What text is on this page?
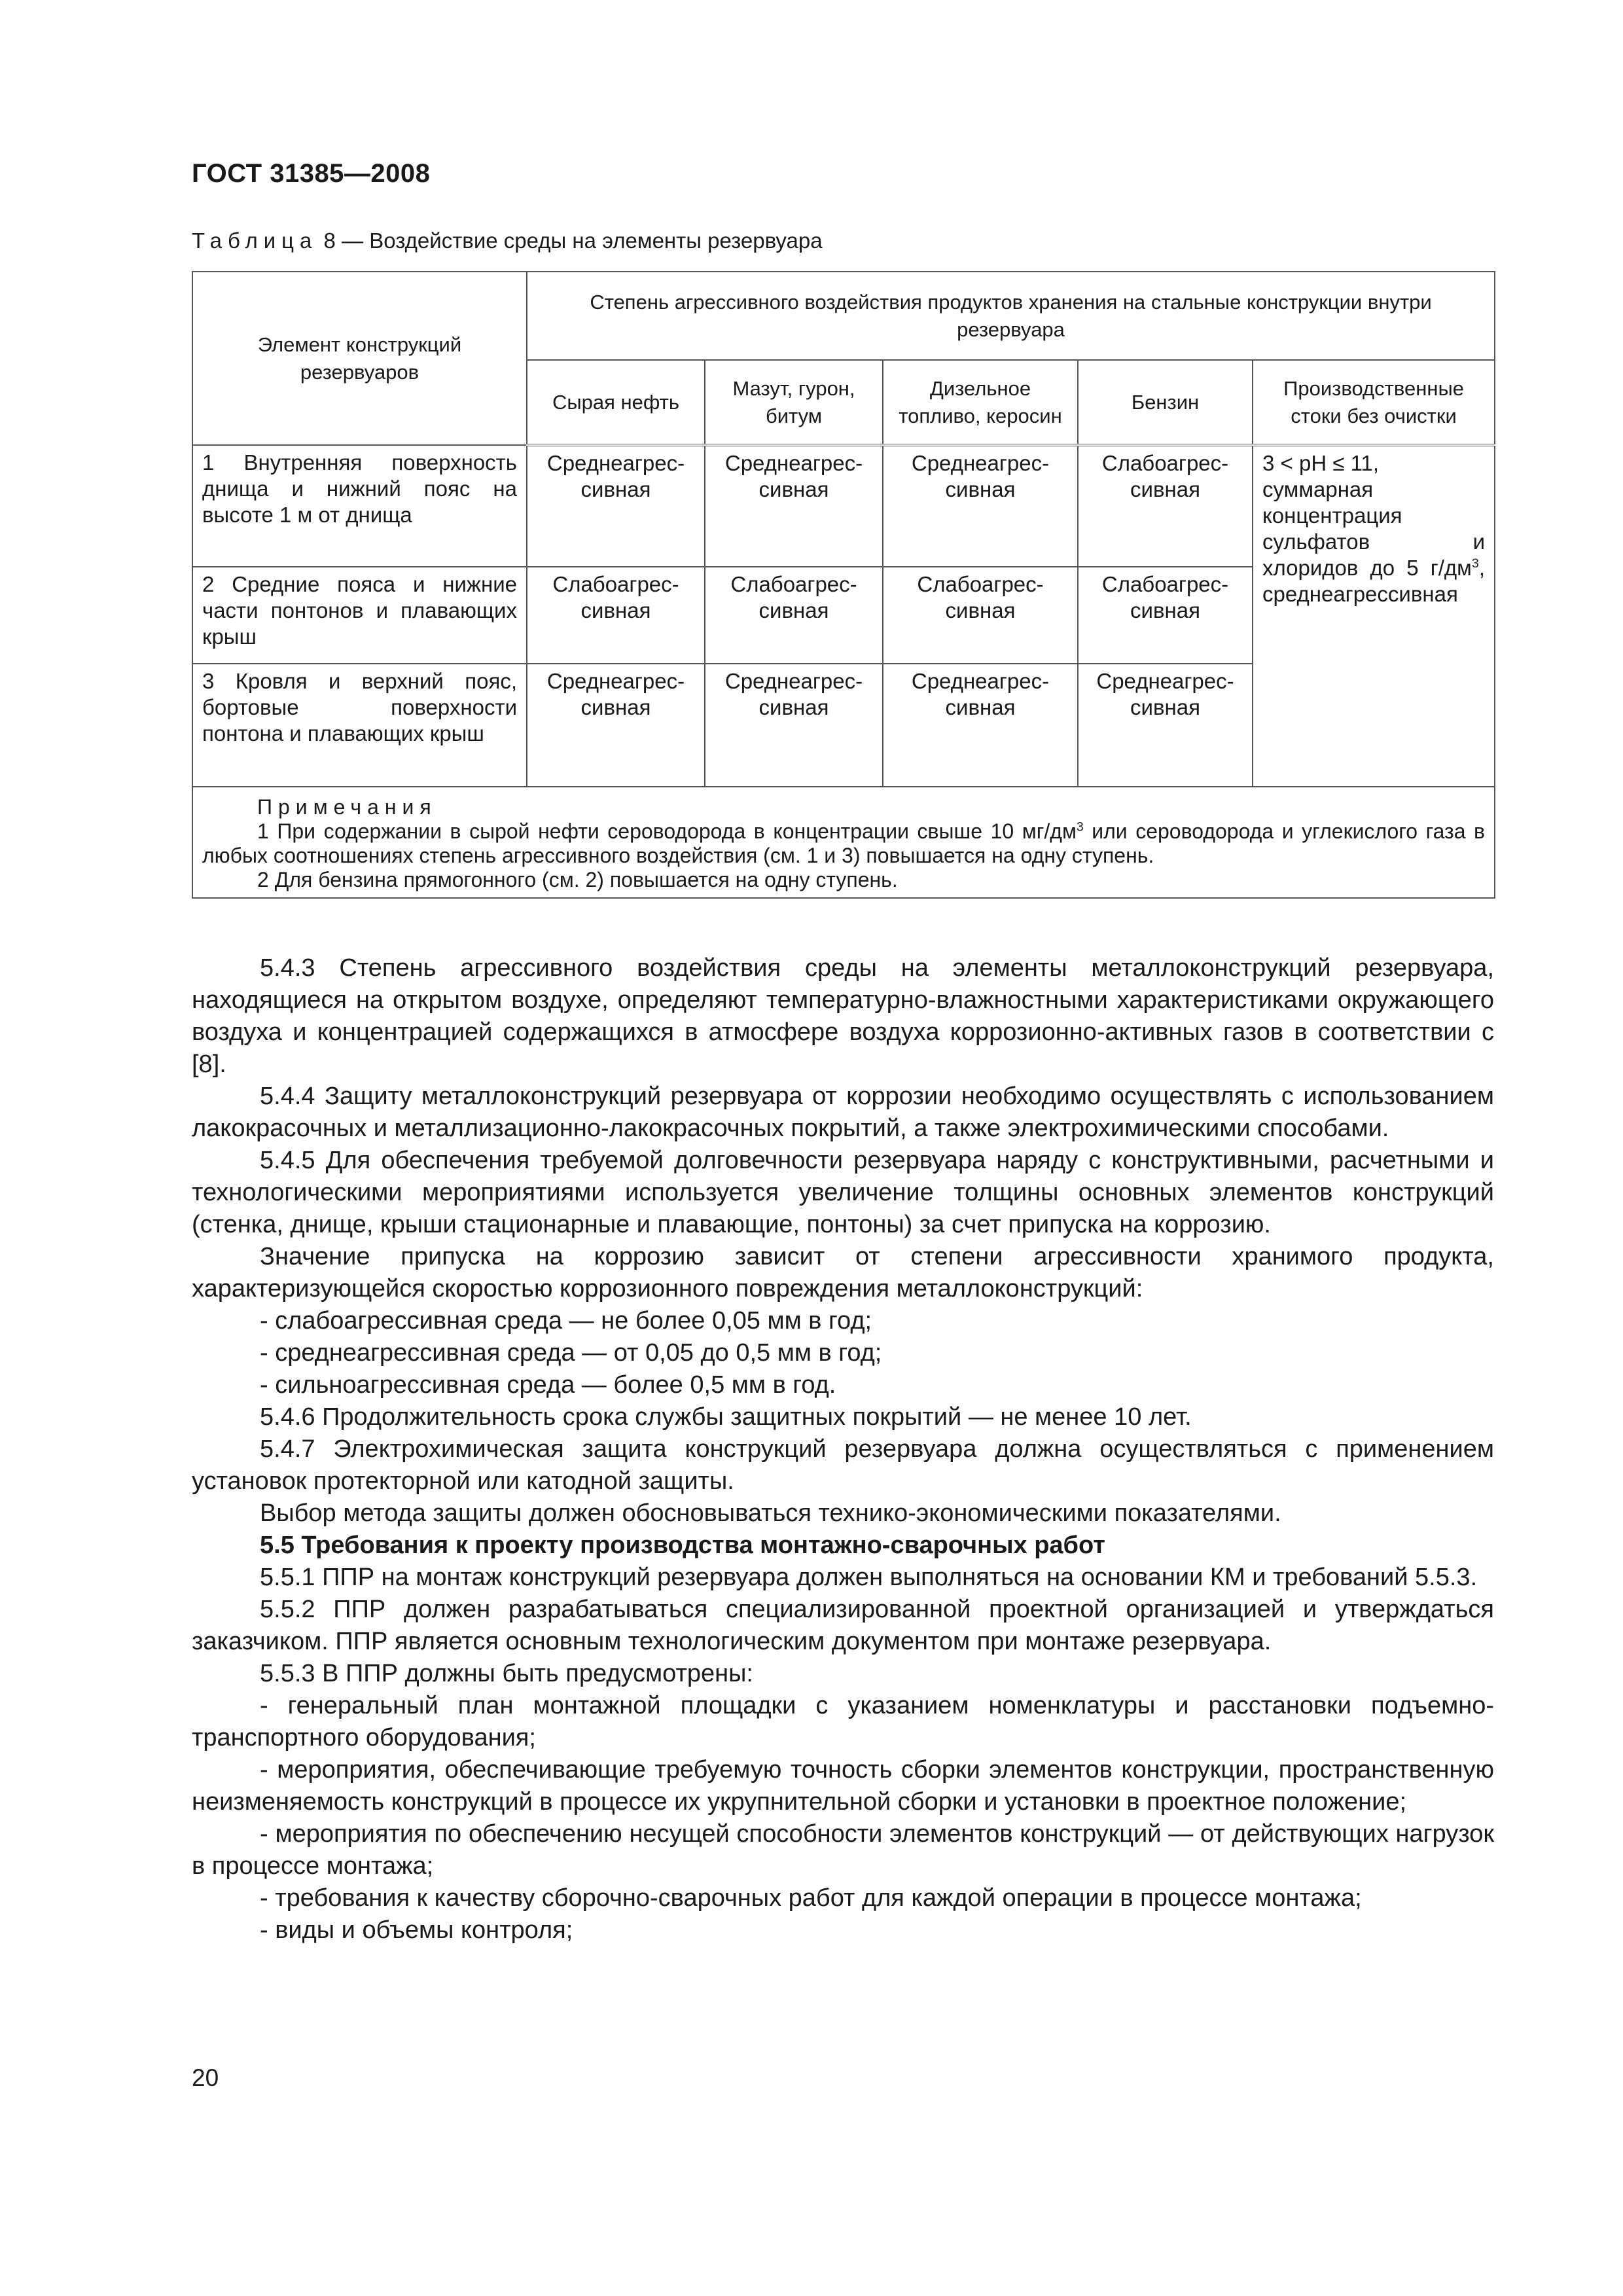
ГОСТ 31385—2008
Таблица 8 — Воздействие среды на элементы резервуара
Элемент конструкций резервуаров	Степень агрессивного воздействия продуктов хранения на стальные конструкции внутри резервуара				
	Сырая нефть	Мазут, гурон, битум	Дизельное топливо, керосин	Бензин	Производственные стоки без очистки
1 Внутренняя поверхность днища и нижний пояс на высоте 1 м от днища	Среднеагрес-сивная	Среднеагрес-сивная	Среднеагрес-сивная	Слабоагрес-сивная	3 < pH ≤ 11,
суммарная концентрация сульфатов и хлоридов до 5 $г/дм^3$, среднеагрессивная
2 Средние пояса и нижние части понтонов и плавающих крыш	Слабоагрес-сивная	Слабоагрес-сивная	Слабоагрес-сивная	Слабоагрес-сивная	
3 Кровля и верхний пояс, бортовые поверхности понтона и плавающих крыш	Среднеагрес-сивная	Среднеагрес-сивная	Среднеагрес-сивная	Среднеагрес-сивная	

Примечания

1 При содержании в сырой нефти сероводорода в концентрации свыше 10 $мг/дм^3$ или сероводорода и углекислого газа в любых соотношениях степень агрессивного воздействия (см. 1 и 3) повышается на одну ступень.

2 Для бензина прямогонного (см. 2) повышается на одну ступень.					

5.4.3 Степень агрессивного воздействия среды на элементы металлоконструкций резервуара, находящиеся на открытом воздухе, определяют температурно-влажностными характеристиками окружающего воздуха и концентрацией содержащихся в атмосфере воздуха коррозионно-активных газов в соответствии с [8].

5.4.4 Защиту металлоконструкций резервуара от коррозии необходимо осуществлять с использованием лакокрасочных и металлизационно-лакокрасочных покрытий, а также электрохимическими способами.

5.4.5 Для обеспечения требуемой долговечности резервуара наряду с конструктивными, расчетными и технологическими мероприятиями используется увеличение толщины основных элементов конструкций (стенка, днище, крыши стационарные и плавающие, понтоны) за счет припуска на коррозию.

Значение припуска на коррозию зависит от степени агрессивности хранимого продукта, характеризующейся скоростью коррозионного повреждения металлоконструкций:

- слабоагрессивная среда — не более 0,05 мм в год;

- среднеагрессивная среда — от 0,05 до 0,5 мм в год;

- сильноагрессивная среда — более 0,5 мм в год.

5.4.6 Продолжительность срока службы защитных покрытий — не менее 10 лет.

5.4.7 Электрохимическая защита конструкций резервуара должна осуществляться с применением установок протекторной или катодной защиты.

Выбор метода защиты должен обосновываться технико-экономическими показателями.

5.5 Требования к проекту производства монтажно-сварочных работ

5.5.1 ППР на монтаж конструкций резервуара должен выполняться на основании КМ и требований 5.5.3.

5.5.2 ППР должен разрабатываться специализированной проектной организацией и утверждаться заказчиком. ППР является основным технологическим документом при монтаже резервуара.

5.5.3 В ППР должны быть предусмотрены:

- генеральный план монтажной площадки с указанием номенклатуры и расстановки подъемно-транспортного оборудования;

- мероприятия, обеспечивающие требуемую точность сборки элементов конструкции, пространственную неизменяемость конструкций в процессе их укрупнительной сборки и установки в проектное положение;

- мероприятия по обеспечению несущей способности элементов конструкций — от действующих нагрузок в процессе монтажа;

- требования к качеству сборочно-сварочных работ для каждой операции в процессе монтажа;

- виды и объемы контроля;

20
